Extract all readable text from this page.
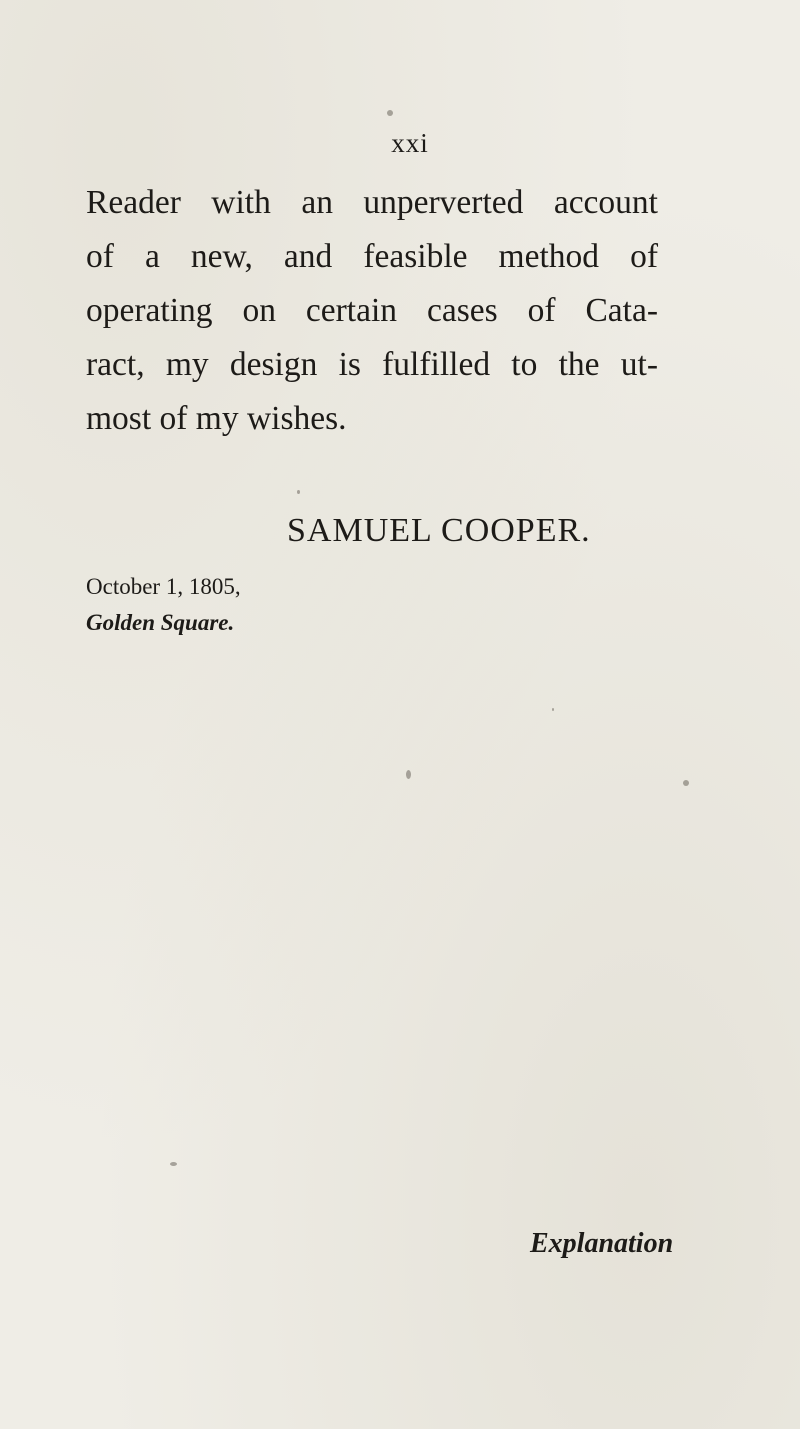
xxi
Reader with an unperverted account
of a new, and feasible method of
operating on certain cases of Cata-
ract, my design is fulfilled to the ut-
most of my wishes.
SAMUEL COOPER.
October 1, 1805,
Golden Square.
Explanation
